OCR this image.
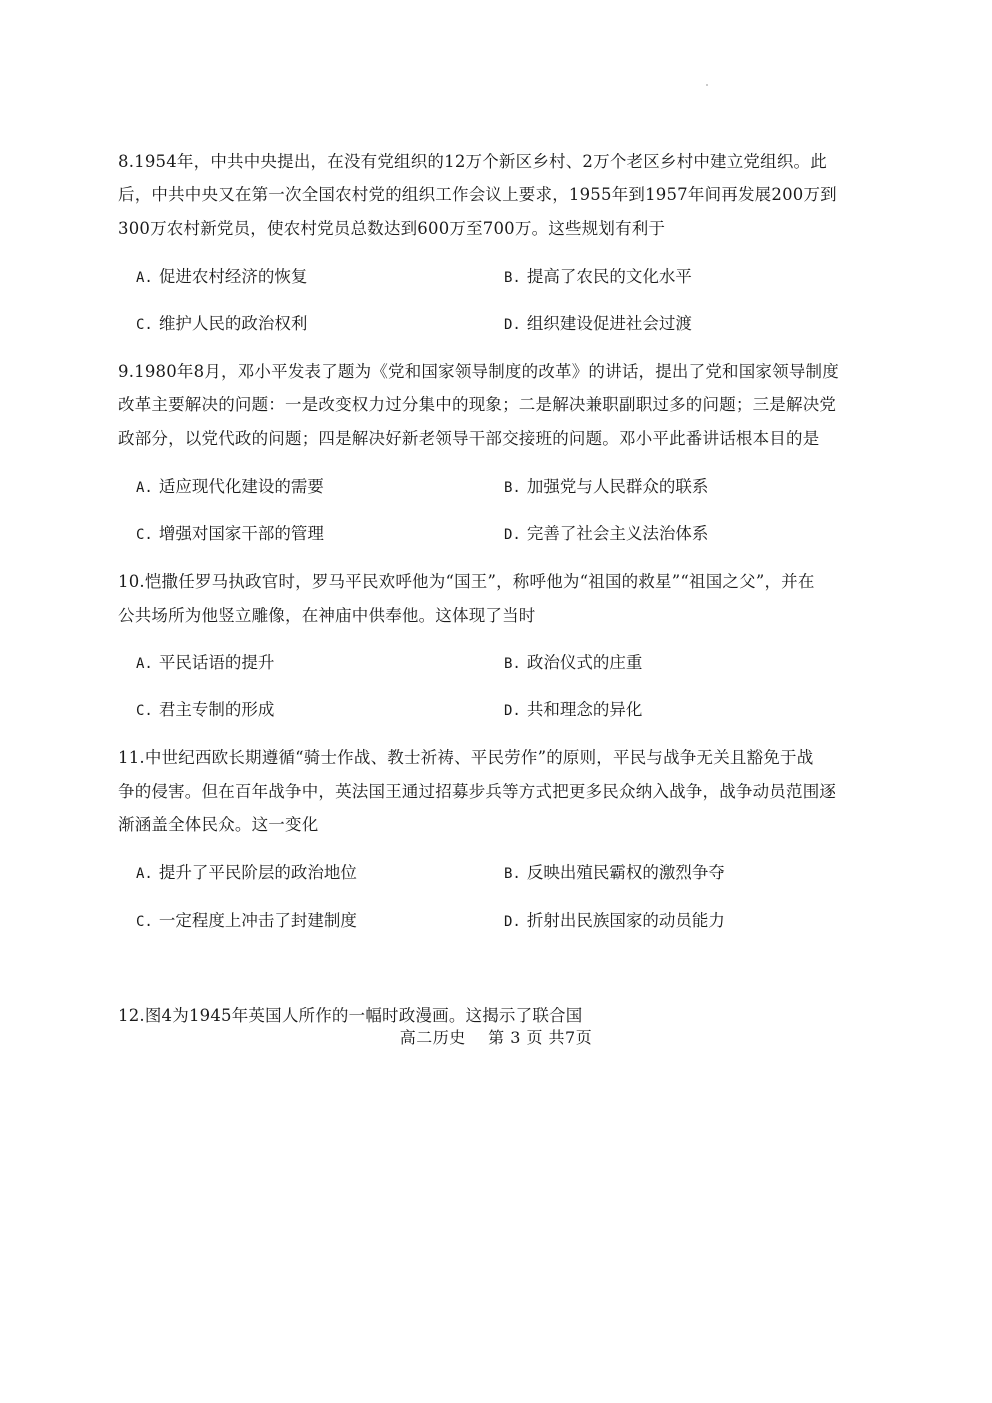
8.1954年，中共中央提出，在没有党组织的12万个新区乡村、2万个老区乡村中建立党组织。此
后，中共中央又在第一次全国农村党的组织工作会议上要求，1955年到1957年间再发展200万到
300万农村新党员，使农村党员总数达到600万至700万。这些规划有利于
A. 促进农村经济的恢复	B. 提高了农民的文化水平
C. 维护人民的政治权利	D. 组织建设促进社会过渡
9.1980年8月，邓小平发表了题为《党和国家领导制度的改革》的讲话，提出了党和国家领导制度
改革主要解决的问题：一是改变权力过分集中的现象；二是解决兼职副职过多的问题；三是解决党
政部分，以党代政的问题；四是解决好新老领导干部交接班的问题。邓小平此番讲话根本目的是
A. 适应现代化建设的需要	B. 加强党与人民群众的联系
C. 增强对国家干部的管理	D. 完善了社会主义法治体系
10.恺撒任罗马执政官时，罗马平民欢呼他为“国王”，称呼他为“祖国的救星”“祖国之父”，并在
公共场所为他竖立雕像，在神庙中供奉他。这体现了当时
A. 平民话语的提升	B. 政治仪式的庄重
C. 君主专制的形成	D. 共和理念的异化
11.中世纪西欧长期遵循“骑士作战、教士祈祷、平民劳作”的原则，平民与战争无关且豁免于战
争的侵害。但在百年战争中，英法国王通过招募步兵等方式把更多民众纳入战争，战争动员范围逐
渐涵盖全体民众。这一变化
A. 提升了平民阶层的政治地位	B. 反映出殖民霸权的激烈争夺
C. 一定程度上冲击了封建制度	D. 折射出民族国家的动员能力
12.图4为1945年英国人所作的一幅时政漫画。这揭示了联合国
高二历史    第 3 页 共7页
